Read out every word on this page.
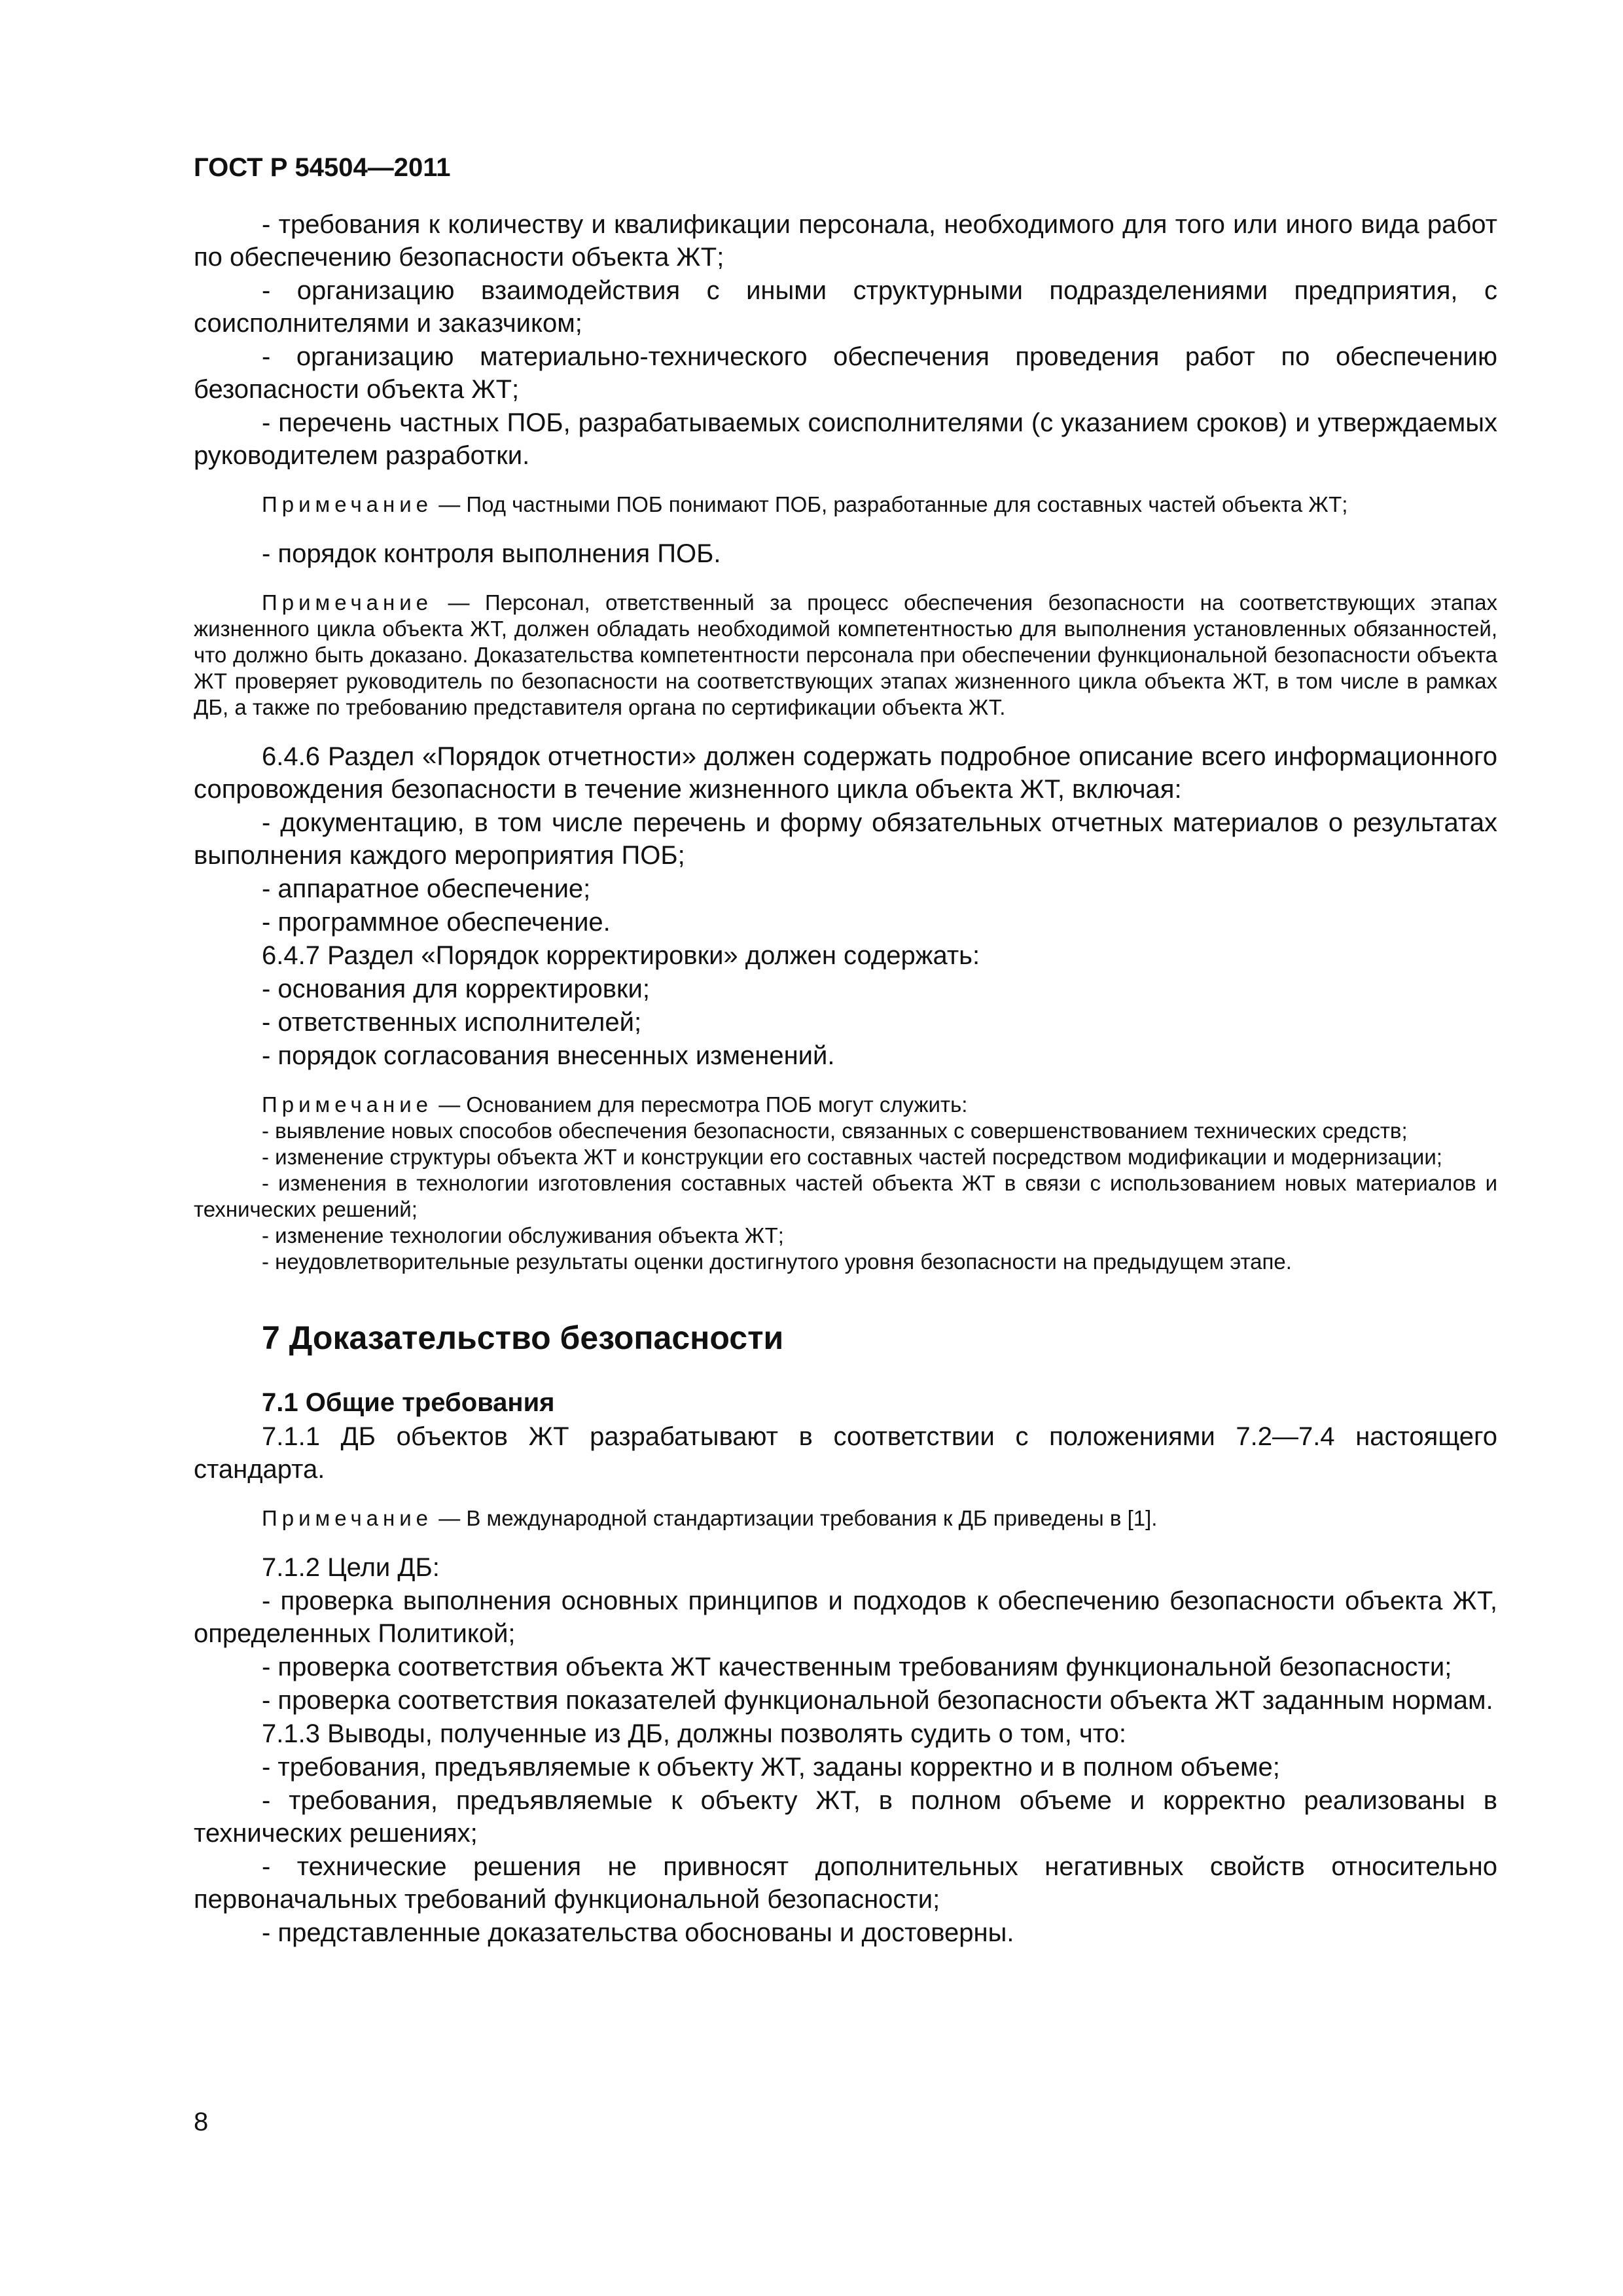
ГОСТ Р 54504—2011

- требования к количеству и квалификации персонала, необходимого для того или иного вида работ по обеспечению безопасности объекта ЖТ;

- организацию взаимодействия с иными структурными подразделениями предприятия, с соисполнителями и заказчиком;

- организацию материально-технического обеспечения проведения работ по обеспечению безопасности объекта ЖТ;

- перечень частных ПОБ, разрабатываемых соисполнителями (с указанием сроков) и утверждаемых руководителем разработки.

Примечание — Под частными ПОБ понимают ПОБ, разработанные для составных частей объекта ЖТ;

- порядок контроля выполнения ПОБ.

Примечание — Персонал, ответственный за процесс обеспечения безопасности на соответствующих этапах жизненного цикла объекта ЖТ, должен обладать необходимой компетентностью для выполнения установленных обязанностей, что должно быть доказано. Доказательства компетентности персонала при обеспечении функциональной безопасности объекта ЖТ проверяет руководитель по безопасности на соответствующих этапах жизненного цикла объекта ЖТ, в том числе в рамках ДБ, а также по требованию представителя органа по сертификации объекта ЖТ.

6.4.6 Раздел «Порядок отчетности» должен содержать подробное описание всего информационного сопровождения безопасности в течение жизненного цикла объекта ЖТ, включая:

- документацию, в том числе перечень и форму обязательных отчетных материалов о результатах выполнения каждого мероприятия ПОБ;

- аппаратное обеспечение;

- программное обеспечение.

6.4.7 Раздел «Порядок корректировки» должен содержать:

- основания для корректировки;

- ответственных исполнителей;

- порядок согласования внесенных изменений.

Примечание — Основанием для пересмотра ПОБ могут служить:

- выявление новых способов обеспечения безопасности, связанных с совершенствованием технических средств;

- изменение структуры объекта ЖТ и конструкции его составных частей посредством модификации и модернизации;

- изменения в технологии изготовления составных частей объекта ЖТ в связи с использованием новых материалов и технических решений;

- изменение технологии обслуживания объекта ЖТ;

- неудовлетворительные результаты оценки достигнутого уровня безопасности на предыдущем этапе.

7 Доказательство безопасности
7.1 Общие требования

7.1.1 ДБ объектов ЖТ разрабатывают в соответствии с положениями 7.2—7.4 настоящего стандарта.

Примечание — В международной стандартизации требования к ДБ приведены в [1].

7.1.2 Цели ДБ:

- проверка выполнения основных принципов и подходов к обеспечению безопасности объекта ЖТ, определенных Политикой;

- проверка соответствия объекта ЖТ качественным требованиям функциональной безопасности;

- проверка соответствия показателей функциональной безопасности объекта ЖТ заданным нормам.

7.1.3 Выводы, полученные из ДБ, должны позволять судить о том, что:

- требования, предъявляемые к объекту ЖТ, заданы корректно и в полном объеме;

- требования, предъявляемые к объекту ЖТ, в полном объеме и корректно реализованы в технических решениях;

- технические решения не привносят дополнительных негативных свойств относительно первоначальных требований функциональной безопасности;

- представленные доказательства обоснованы и достоверны.

8
